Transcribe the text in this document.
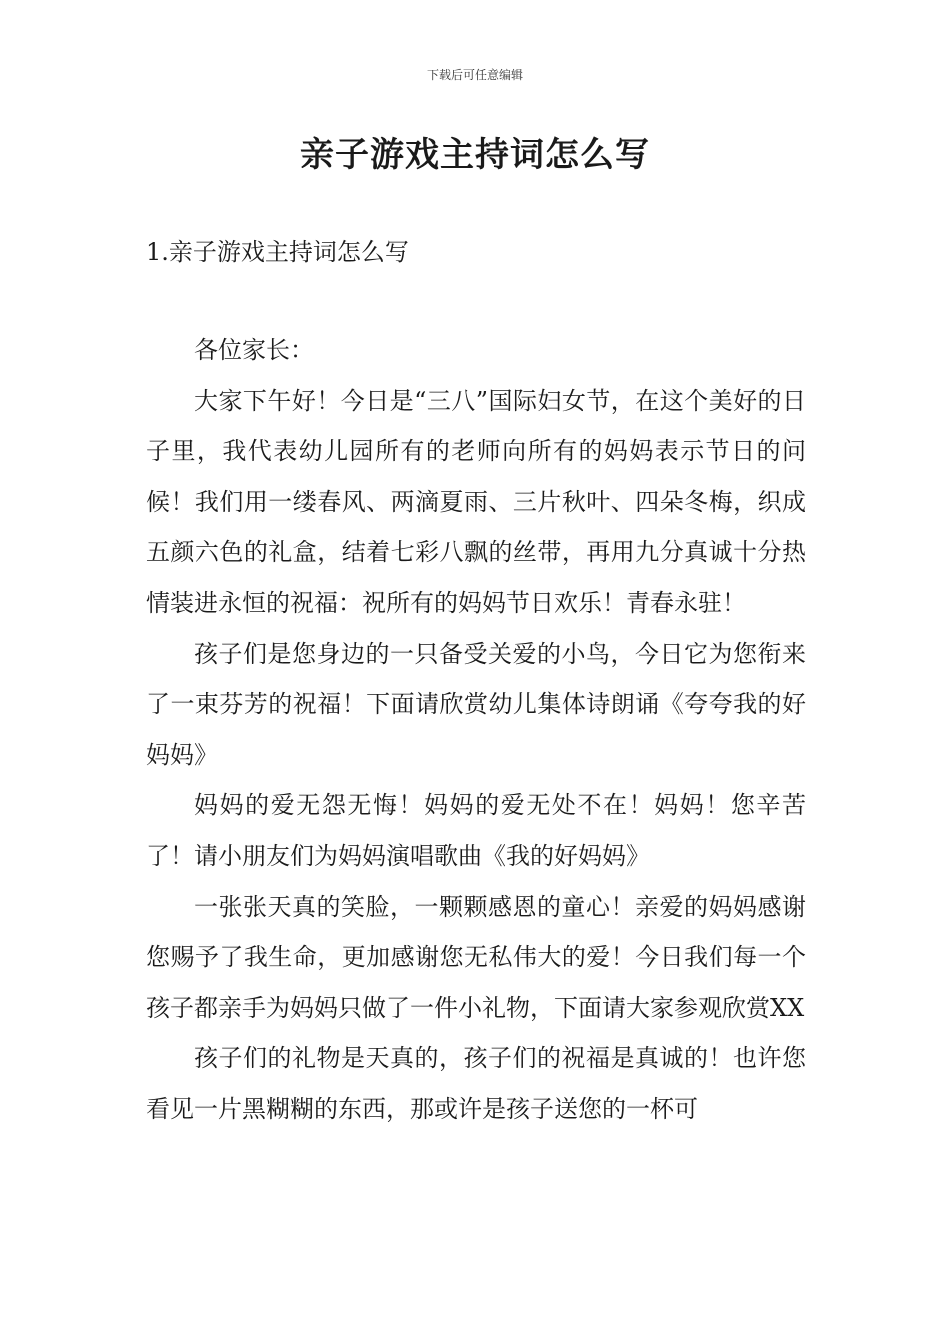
下载后可任意编辑
亲子游戏主持词怎么写
1.亲子游戏主持词怎么写

各位家长：

大家下午好！今日是“三八”国际妇女节，在这个美好的日子里，我代表幼儿园所有的老师向所有的妈妈表示节日的问候！我们用一缕春风、两滴夏雨、三片秋叶、四朵冬梅，织成五颜六色的礼盒，结着七彩八飘的丝带，再用九分真诚十分热情装进永恒的祝福：祝所有的妈妈节日欢乐！青春永驻！

孩子们是您身边的一只备受关爱的小鸟，今日它为您衔来了一束芬芳的祝福！下面请欣赏幼儿集体诗朗诵《夸夸我的好妈妈》

妈妈的爱无怨无悔！妈妈的爱无处不在！妈妈！您辛苦了！请小朋友们为妈妈演唱歌曲《我的好妈妈》

一张张天真的笑脸，一颗颗感恩的童心！亲爱的妈妈感谢您赐予了我生命，更加感谢您无私伟大的爱！今日我们每一个孩子都亲手为妈妈只做了一件小礼物，下面请大家参观欣赏XX

孩子们的礼物是天真的，孩子们的祝福是真诚的！也许您看见一片黑糊糊的东西，那或许是孩子送您的一杯可
